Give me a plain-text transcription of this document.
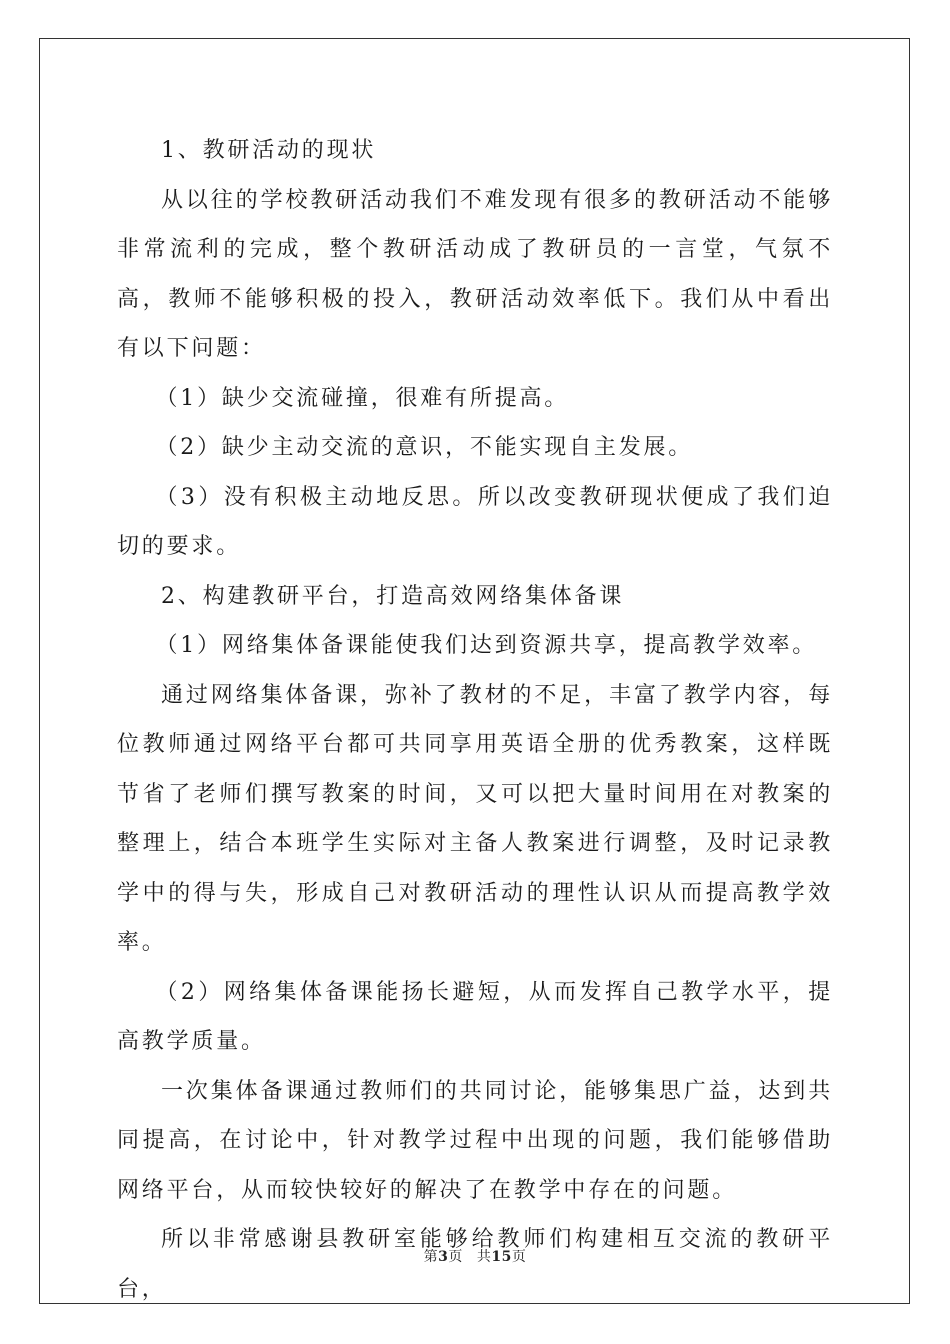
1、教研活动的现状

从以往的学校教研活动我们不难发现有很多的教研活动不能够非常流利的完成，整个教研活动成了教研员的一言堂，气氛不高，教师不能够积极的投入，教研活动效率低下。我们从中看出有以下问题：

（1）缺少交流碰撞，很难有所提高。

（2）缺少主动交流的意识，不能实现自主发展。

（3）没有积极主动地反思。所以改变教研现状便成了我们迫切的要求。

2、构建教研平台，打造高效网络集体备课

（1）网络集体备课能使我们达到资源共享，提高教学效率。

通过网络集体备课，弥补了教材的不足，丰富了教学内容，每位教师通过网络平台都可共同享用英语全册的优秀教案，这样既节省了老师们撰写教案的时间，又可以把大量时间用在对教案的整理上，结合本班学生实际对主备人教案进行调整，及时记录教学中的得与失，形成自己对教研活动的理性认识从而提高教学效率。

（2）网络集体备课能扬长避短，从而发挥自己教学水平，提高教学质量。

一次集体备课通过教师们的共同讨论，能够集思广益，达到共同提高，在讨论中，针对教学过程中出现的问题，我们能够借助网络平台，从而较快较好的解决了在教学中存在的问题。

所以非常感谢县教研室能够给教师们构建相互交流的教研平台，

第3页 共15页
